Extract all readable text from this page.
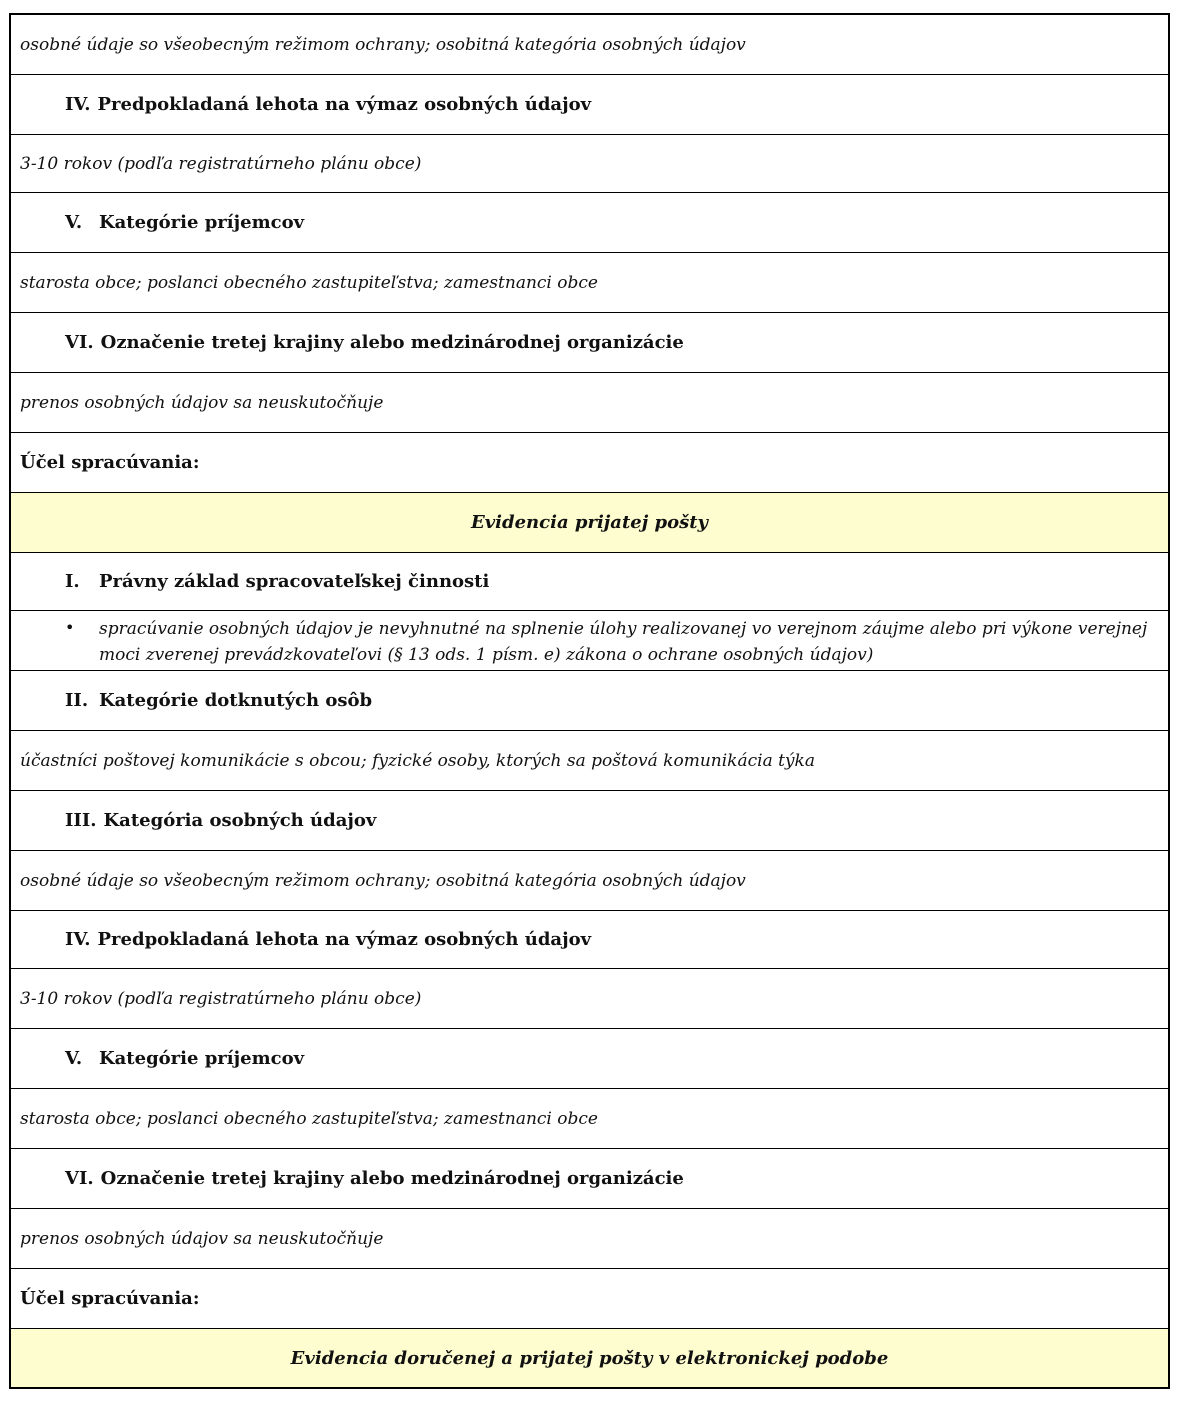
osobné údaje so všeobecným režimom ochrany; osobitná kategória osobných údajov
IV. Predpokladaná lehota na výmaz osobných údajov
3-10 rokov (podľa registratúrneho plánu obce)
V. Kategórie príjemcov
starosta obce; poslanci obecného zastupiteľstva; zamestnanci obce
VI. Označenie tretej krajiny alebo medzinárodnej organizácie
prenos osobných údajov sa neuskutočňuje
Účel spracúvania:
Evidencia prijatej pošty
I. Právny základ spracovateľskej činnosti
•	spracúvanie osobných údajov je nevyhnutné na splnenie úlohy realizovanej vo verejnom záujme alebo pri výkone verejnej moci zverenej prevádzkovateľovi (§ 13 ods. 1 písm. e) zákona o ochrane osobných údajov)
II. Kategórie dotknutých osôb
účastníci poštovej komunikácie s obcou; fyzické osoby, ktorých sa poštová komunikácia týka
III. Kategória osobných údajov
osobné údaje so všeobecným režimom ochrany; osobitná kategória osobných údajov
IV. Predpokladaná lehota na výmaz osobných údajov
3-10 rokov (podľa registratúrneho plánu obce)
V. Kategórie príjemcov
starosta obce; poslanci obecného zastupiteľstva; zamestnanci obce
VI. Označenie tretej krajiny alebo medzinárodnej organizácie
prenos osobných údajov sa neuskutočňuje
Účel spracúvania:
Evidencia doručenej a prijatej pošty v elektronickej podobe
